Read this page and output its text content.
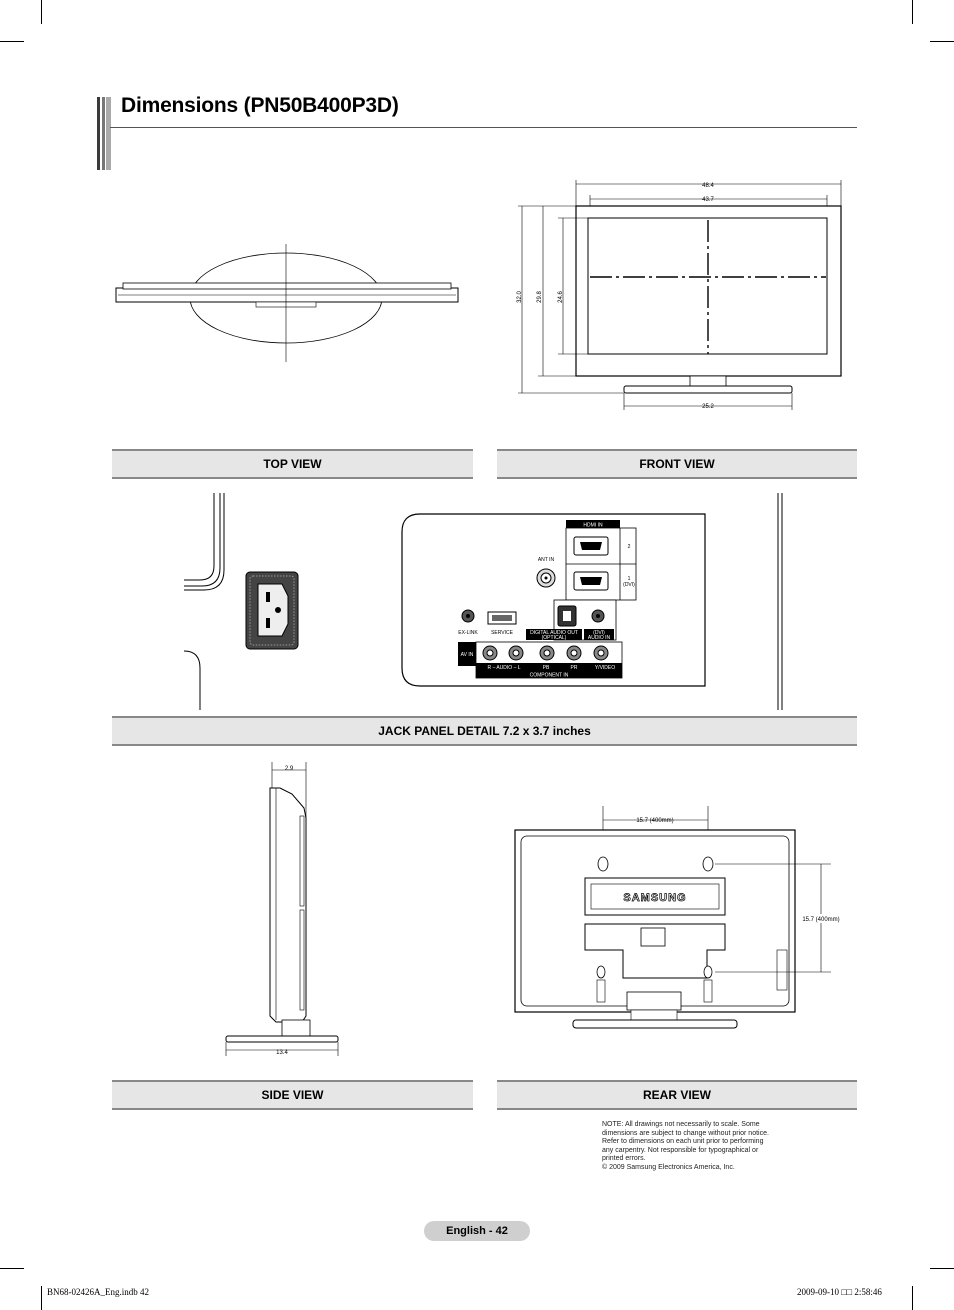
Dimensions (PN50B400P3D)
48.4
43.7
25.2
32.0 29.8	24.6
TOP VIEW	FRONT VIEW
HDMI IN
2
1
(DVI)
ANT IN
EX-LINK	SERVICE	DIGITAL AUDIO OUT
(OPTICAL)
(DVI)
AUDIO IN
AV IN
R – AUDIO – L	PB	PR	Y/VIDEO
COMPONENT IN
JACK PANEL DETAIL 7.2 x 3.7 inches
2.9
13.4
15.7 (400mm)
SAMSUNG
15.7 (400mm)
SIDE VIEW	REAR VIEW

NOTE: All drawings not necessarily to scale. Some

dimensions are subject to change without prior notice.

Refer to dimensions on each unit prior to performing

any carpentry. Not responsible for typographical or

printed errors.

© 2009 Samsung Electronics America, Inc.

English - 42
BN68-02426A_Eng.indb 42	2009-09-10 □□ 2:58:46
